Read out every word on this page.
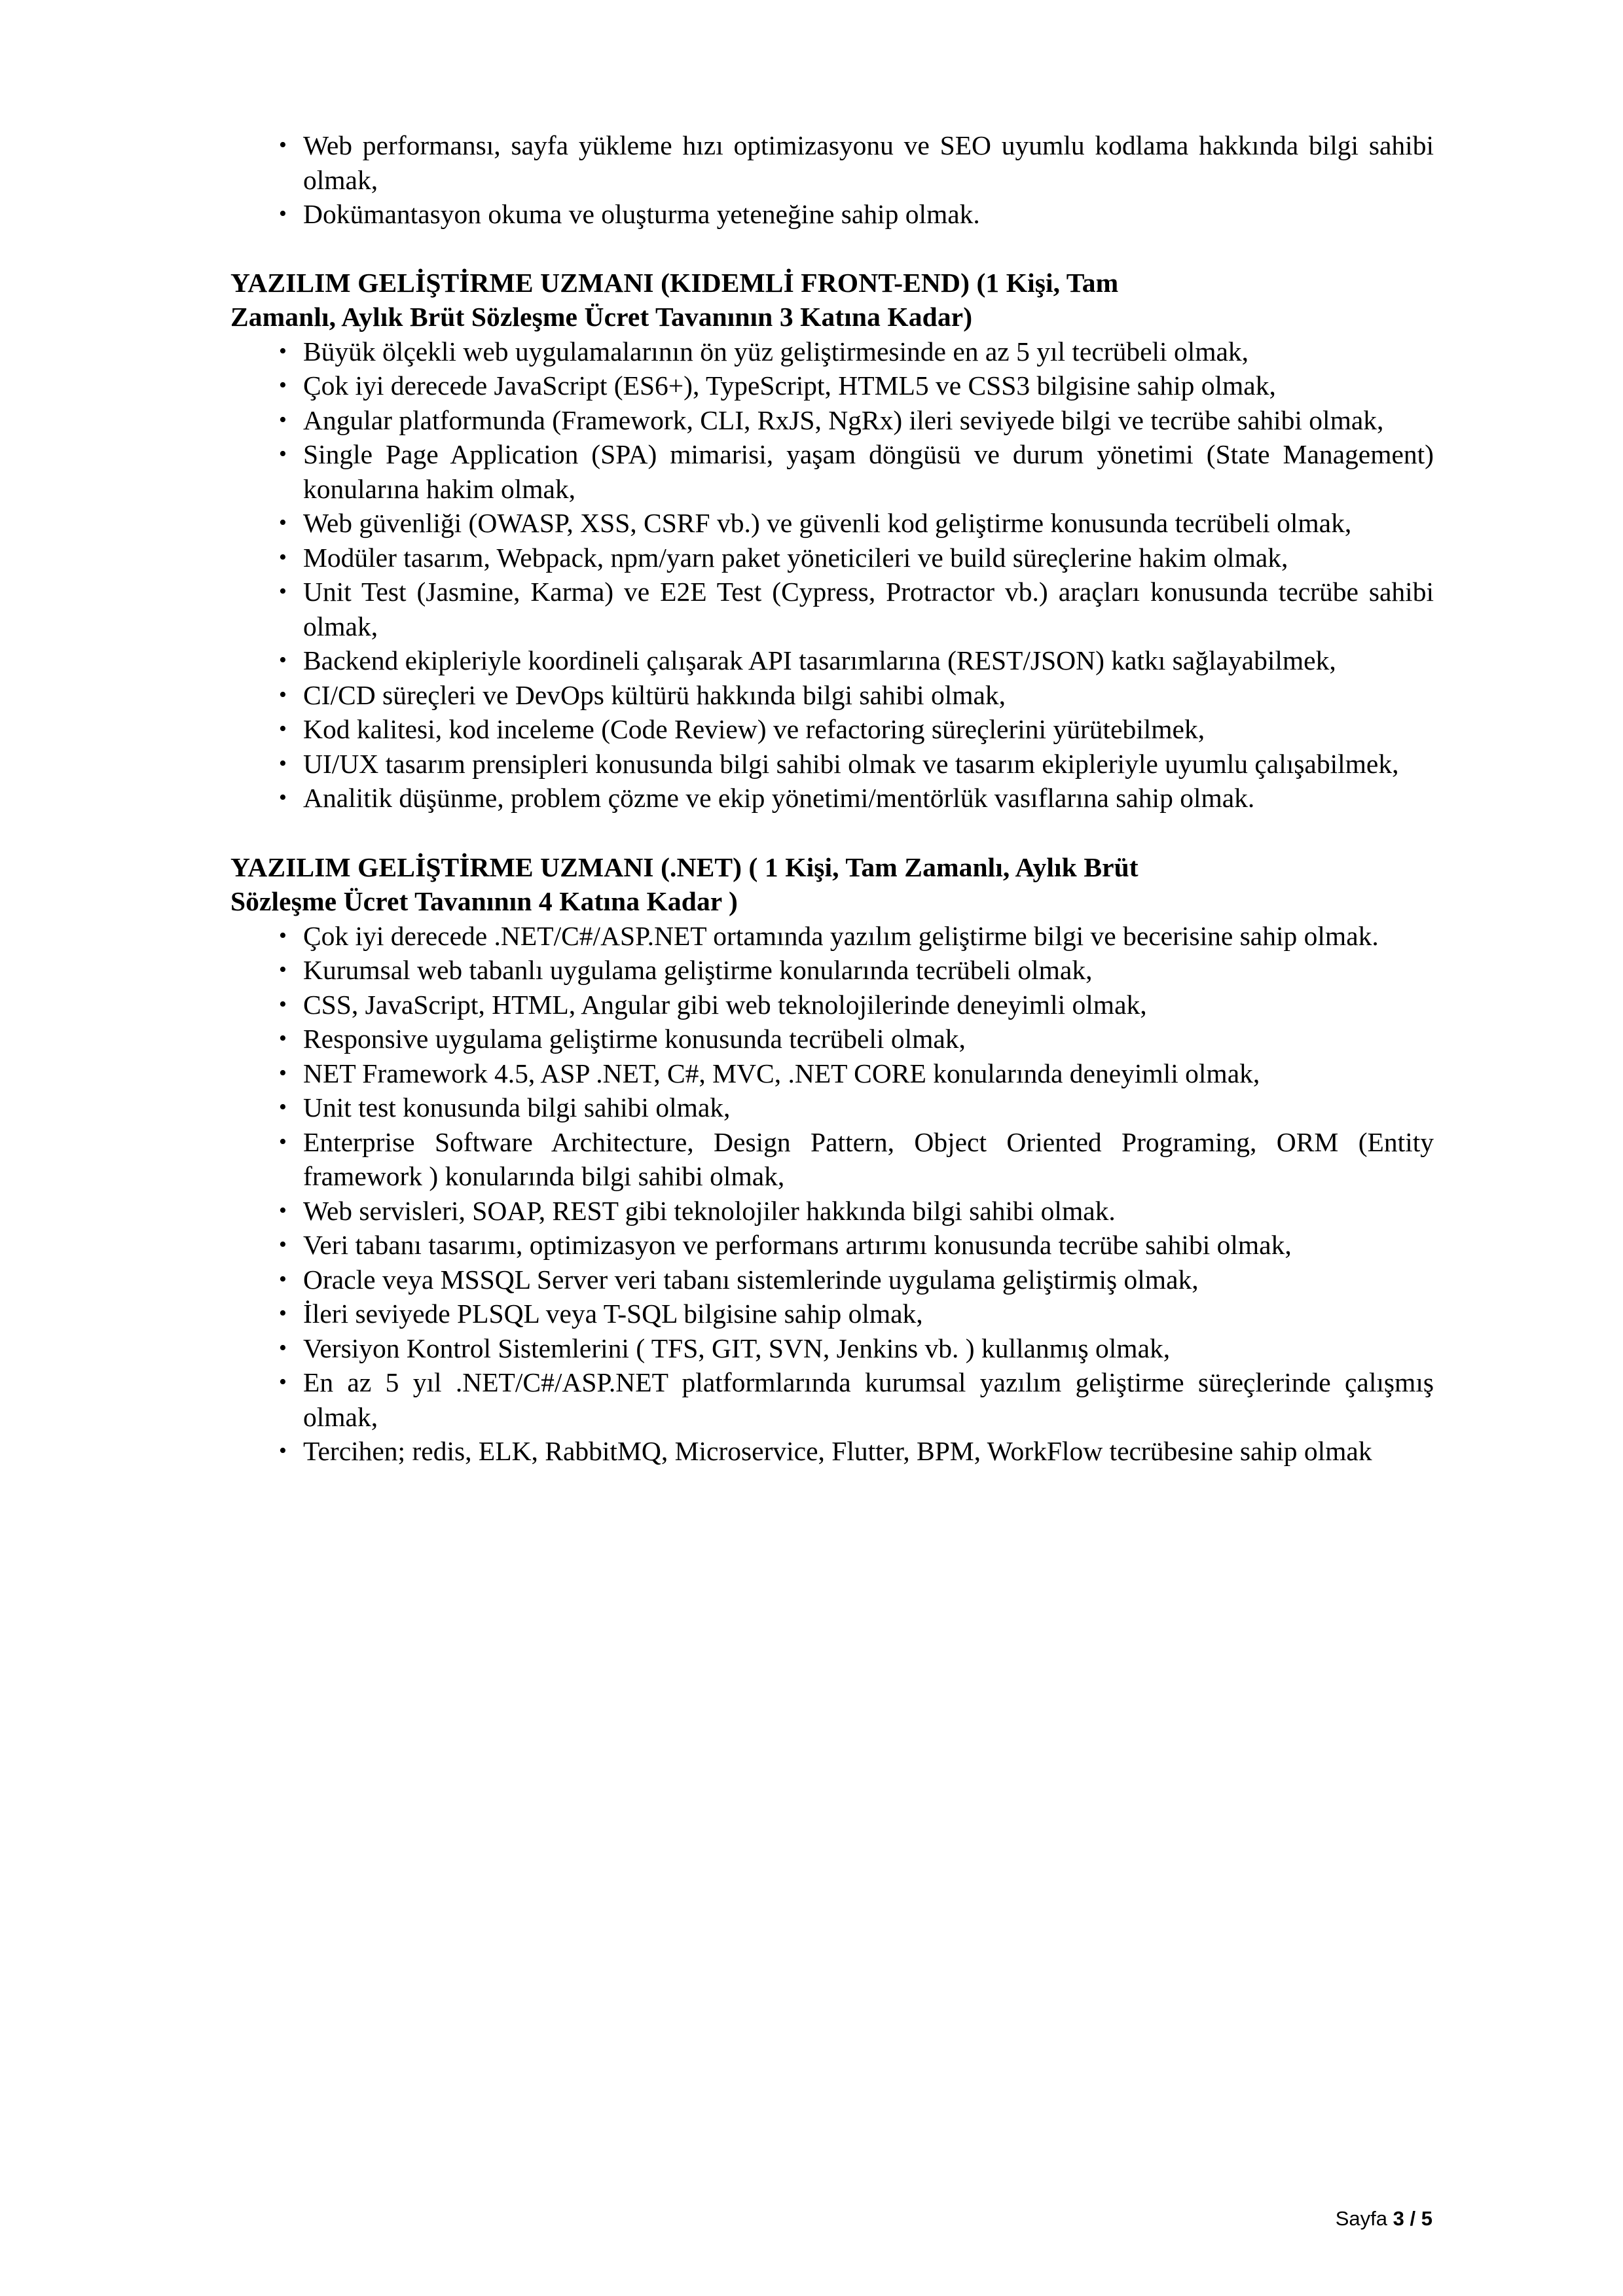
• Web performansı, sayfa yükleme hızı optimizasyonu ve SEO uyumlu kodlama hakkında bilgi sahibi olmak,
• Dokümantasyon okuma ve oluşturma yeteneğine sahip olmak.
YAZILIM GELİŞTİRME UZMANI (KIDEMLİ FRONT-END) (1 Kişi, Tam
Zamanlı, Aylık Brüt Sözleşme Ücret Tavanının 3 Katına Kadar)
• Büyük ölçekli web uygulamalarının ön yüz geliştirmesinde en az 5 yıl tecrübeli olmak,
• Çok iyi derecede JavaScript (ES6+), TypeScript, HTML5 ve CSS3 bilgisine sahip olmak,
• Angular platformunda (Framework, CLI, RxJS, NgRx) ileri seviyede bilgi ve tecrübe sahibi olmak,
• Single Page Application (SPA) mimarisi, yaşam döngüsü ve durum yönetimi (State Management) konularına hakim olmak,
• Web güvenliği (OWASP, XSS, CSRF vb.) ve güvenli kod geliştirme konusunda tecrübeli olmak,
• Modüler tasarım, Webpack, npm/yarn paket yöneticileri ve build süreçlerine hakim olmak,
• Unit Test (Jasmine, Karma) ve E2E Test (Cypress, Protractor vb.) araçları konusunda tecrübe sahibi olmak,
• Backend ekipleriyle koordineli çalışarak API tasarımlarına (REST/JSON) katkı sağlayabilmek,
• CI/CD süreçleri ve DevOps kültürü hakkında bilgi sahibi olmak,
• Kod kalitesi, kod inceleme (Code Review) ve refactoring süreçlerini yürütebilmek,
• UI/UX tasarım prensipleri konusunda bilgi sahibi olmak ve tasarım ekipleriyle uyumlu çalışabilmek,
• Analitik düşünme, problem çözme ve ekip yönetimi/mentörlük vasıflarına sahip olmak.
YAZILIM GELİŞTİRME UZMANI (.NET) ( 1 Kişi, Tam Zamanlı, Aylık Brüt
Sözleşme Ücret Tavanının 4 Katına Kadar )
• Çok iyi derecede .NET/C#/ASP.NET ortamında yazılım geliştirme bilgi ve becerisine sahip olmak.
• Kurumsal web tabanlı uygulama geliştirme konularında tecrübeli olmak,
• CSS, JavaScript, HTML, Angular gibi web teknolojilerinde deneyimli olmak,
• Responsive uygulama geliştirme konusunda tecrübeli olmak,
• NET Framework 4.5, ASP .NET, C#, MVC, .NET CORE konularında deneyimli olmak,
• Unit test konusunda bilgi sahibi olmak,
• Enterprise Software Architecture, Design Pattern, Object Oriented Programing, ORM (Entity framework ) konularında bilgi sahibi olmak,
• Web servisleri, SOAP, REST gibi teknolojiler hakkında bilgi sahibi olmak.
• Veri tabanı tasarımı, optimizasyon ve performans artırımı konusunda tecrübe sahibi olmak,
• Oracle veya MSSQL Server veri tabanı sistemlerinde uygulama geliştirmiş olmak,
• İleri seviyede PLSQL veya T-SQL bilgisine sahip olmak,
• Versiyon Kontrol Sistemlerini ( TFS, GIT, SVN, Jenkins vb. ) kullanmış olmak,
• En az 5 yıl .NET/C#/ASP.NET platformlarında kurumsal yazılım geliştirme süreçlerinde çalışmış olmak,
• Tercihen; redis, ELK, RabbitMQ, Microservice, Flutter, BPM, WorkFlow tecrübesine sahip olmak
Sayfa 3 / 5
